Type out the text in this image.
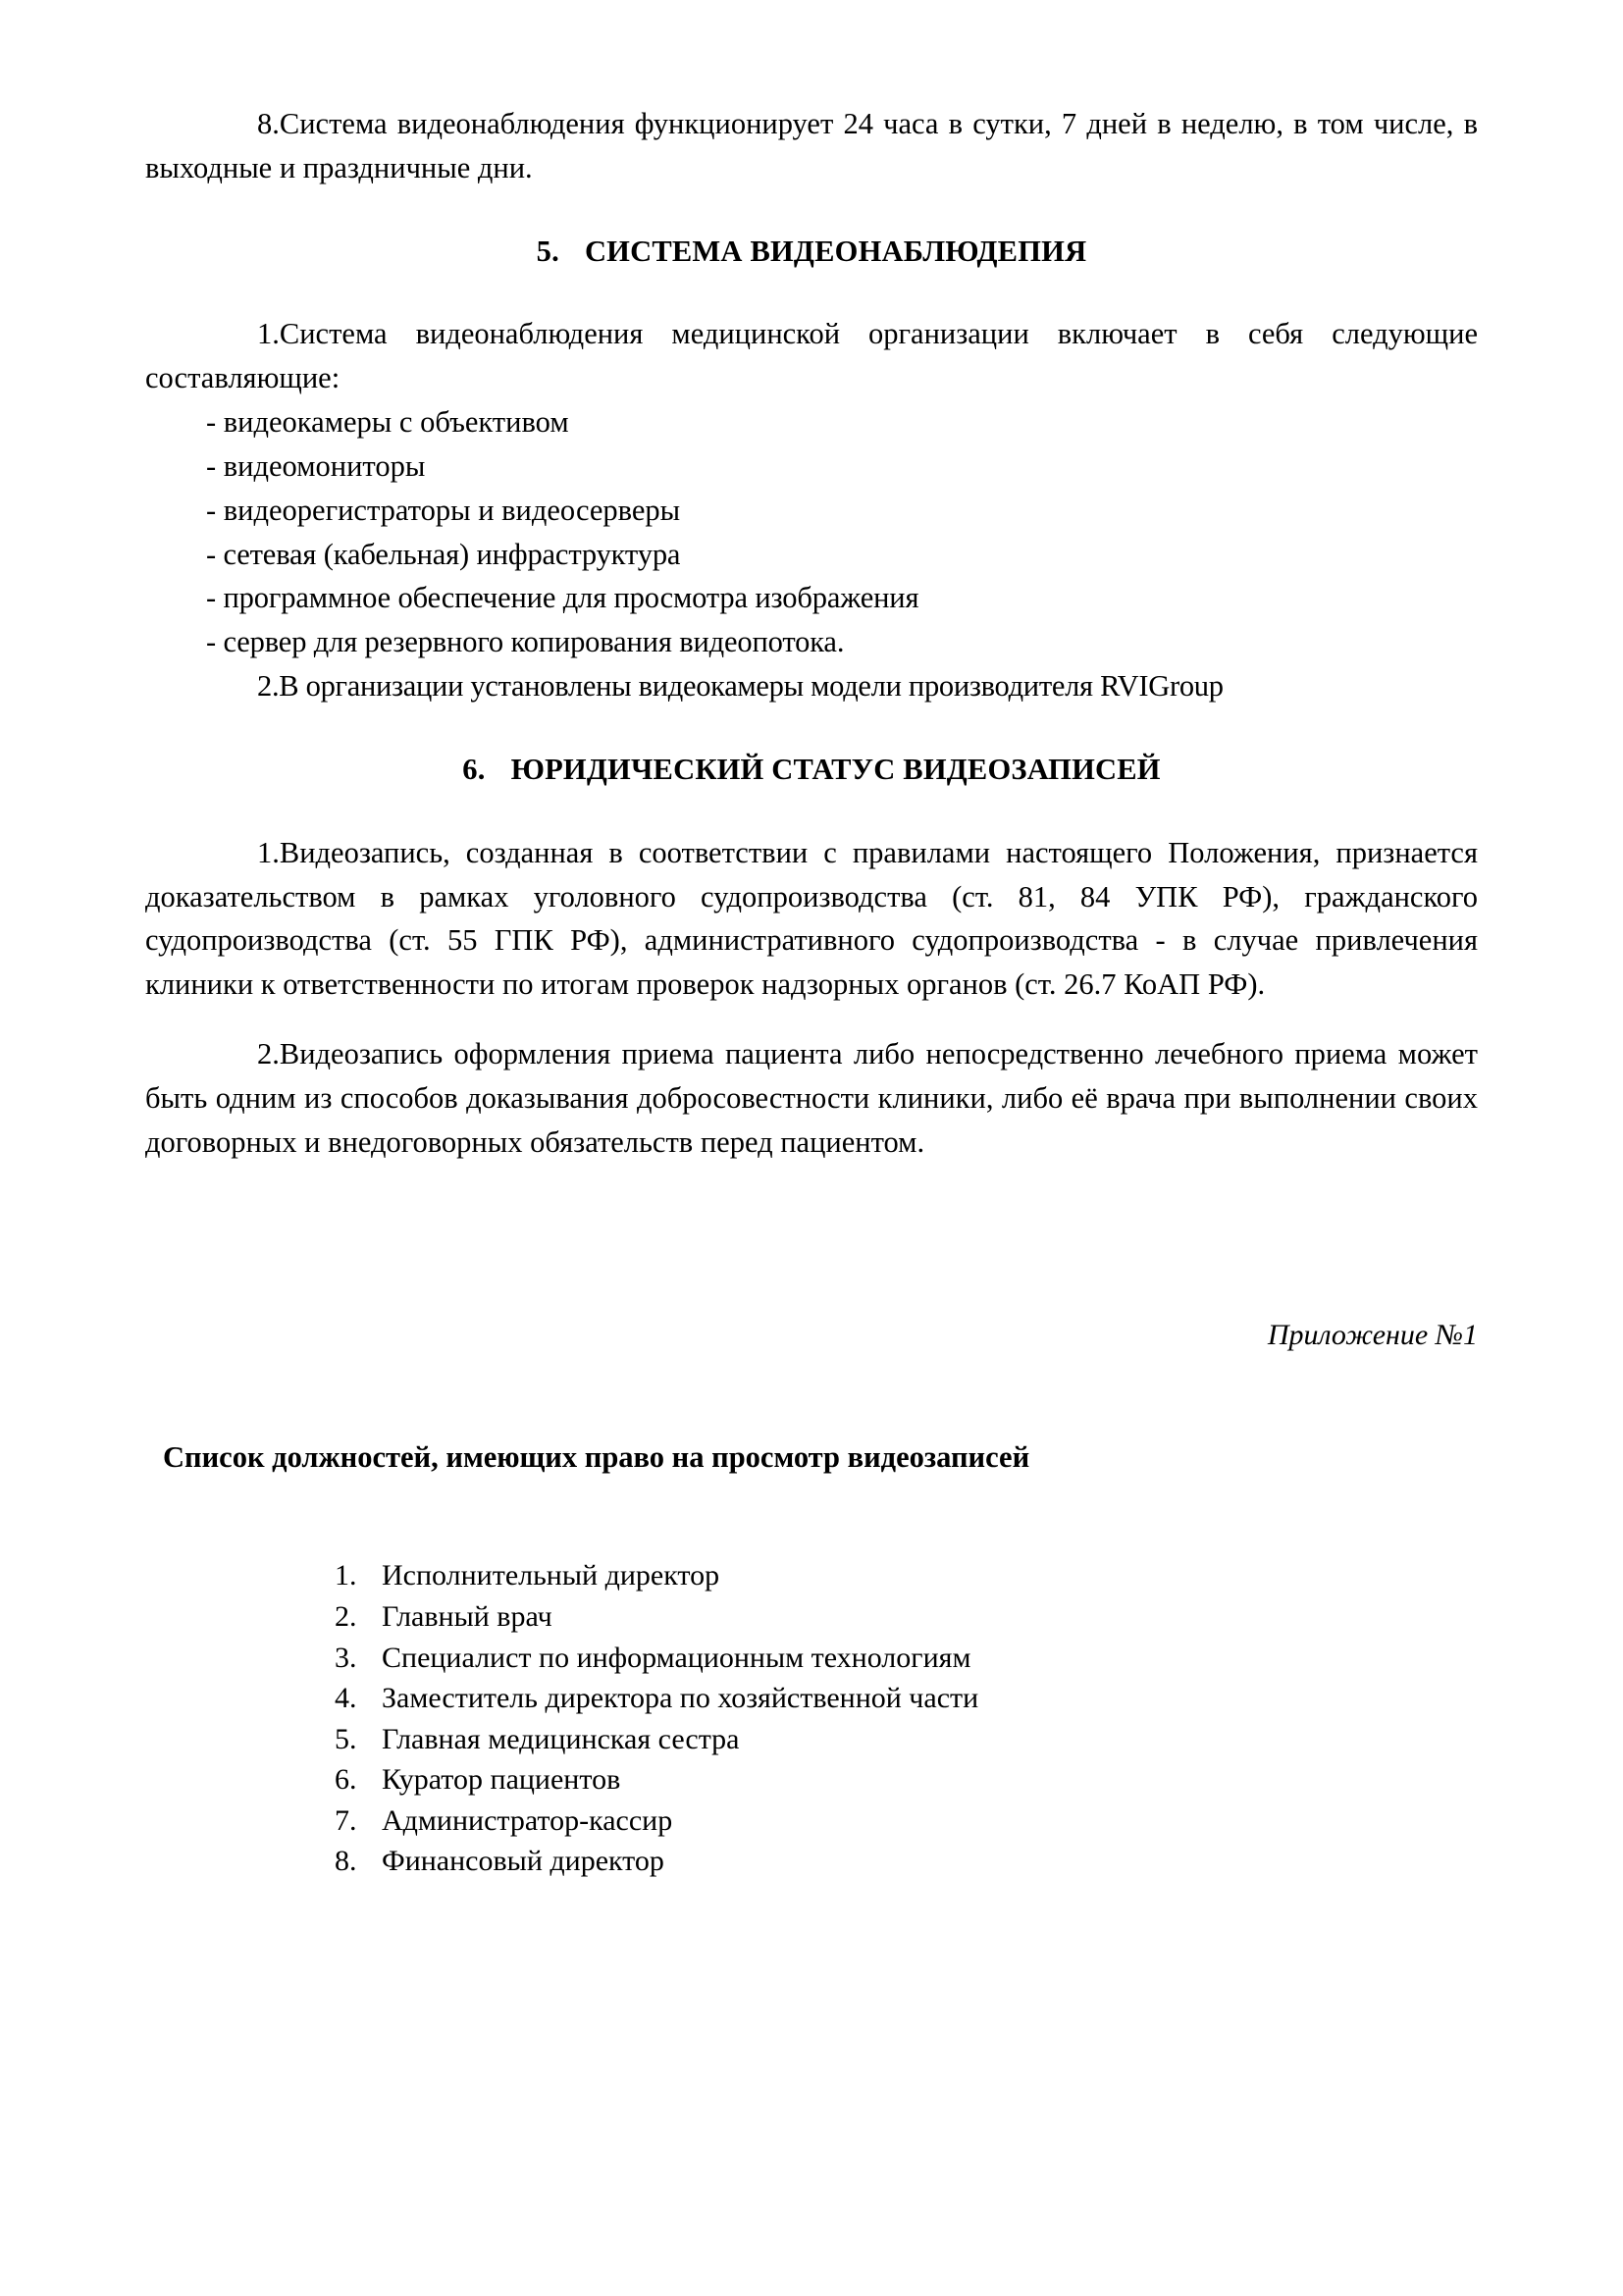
8.Система видеонаблюдения функционирует 24 часа в сутки, 7 дней в неделю, в том числе, в выходные и праздничные дни.

5. СИСТЕМА ВИДЕОНАБЛЮДЕПИЯ

1.Система видеонаблюдения медицинской организации включает в себя следующие составляющие:

- видеокамеры с объективом
- видеомониторы
- видеорегистраторы и видеосерверы
- сетевая (кабельная) инфраструктура
- программное обеспечение для просмотра изображения
- сервер для резервного копирования видеопотока.

2.В организации установлены видеокамеры модели производителя RVIGroup

6. ЮРИДИЧЕСКИЙ СТАТУС ВИДЕОЗАПИСЕЙ

1.Видеозапись, созданная в соответствии с правилами настоящего Положения, признается доказательством в рамках уголовного судопроизводства (ст. 81, 84 УПК РФ), гражданского судопроизводства (ст. 55 ГПК РФ), административного судопроизводства - в случае привлечения клиники к ответственности по итогам проверок надзорных органов (ст. 26.7 КоАП РФ).

2.Видеозапись оформления приема пациента либо непосредственно лечебного приема может быть одним из способов доказывания добросовестности клиники, либо её врача при выполнении своих договорных и внедоговорных обязательств перед пациентом.

Приложение №1

Список должностей, имеющих право на просмотр видеозаписей

1. Исполнительный директор
2. Главный врач
3. Специалист по информационным технологиям
4. Заместитель директора по хозяйственной части
5. Главная медицинская сестра
6. Куратор пациентов
7. Администратор-кассир
8. Финансовый директор
